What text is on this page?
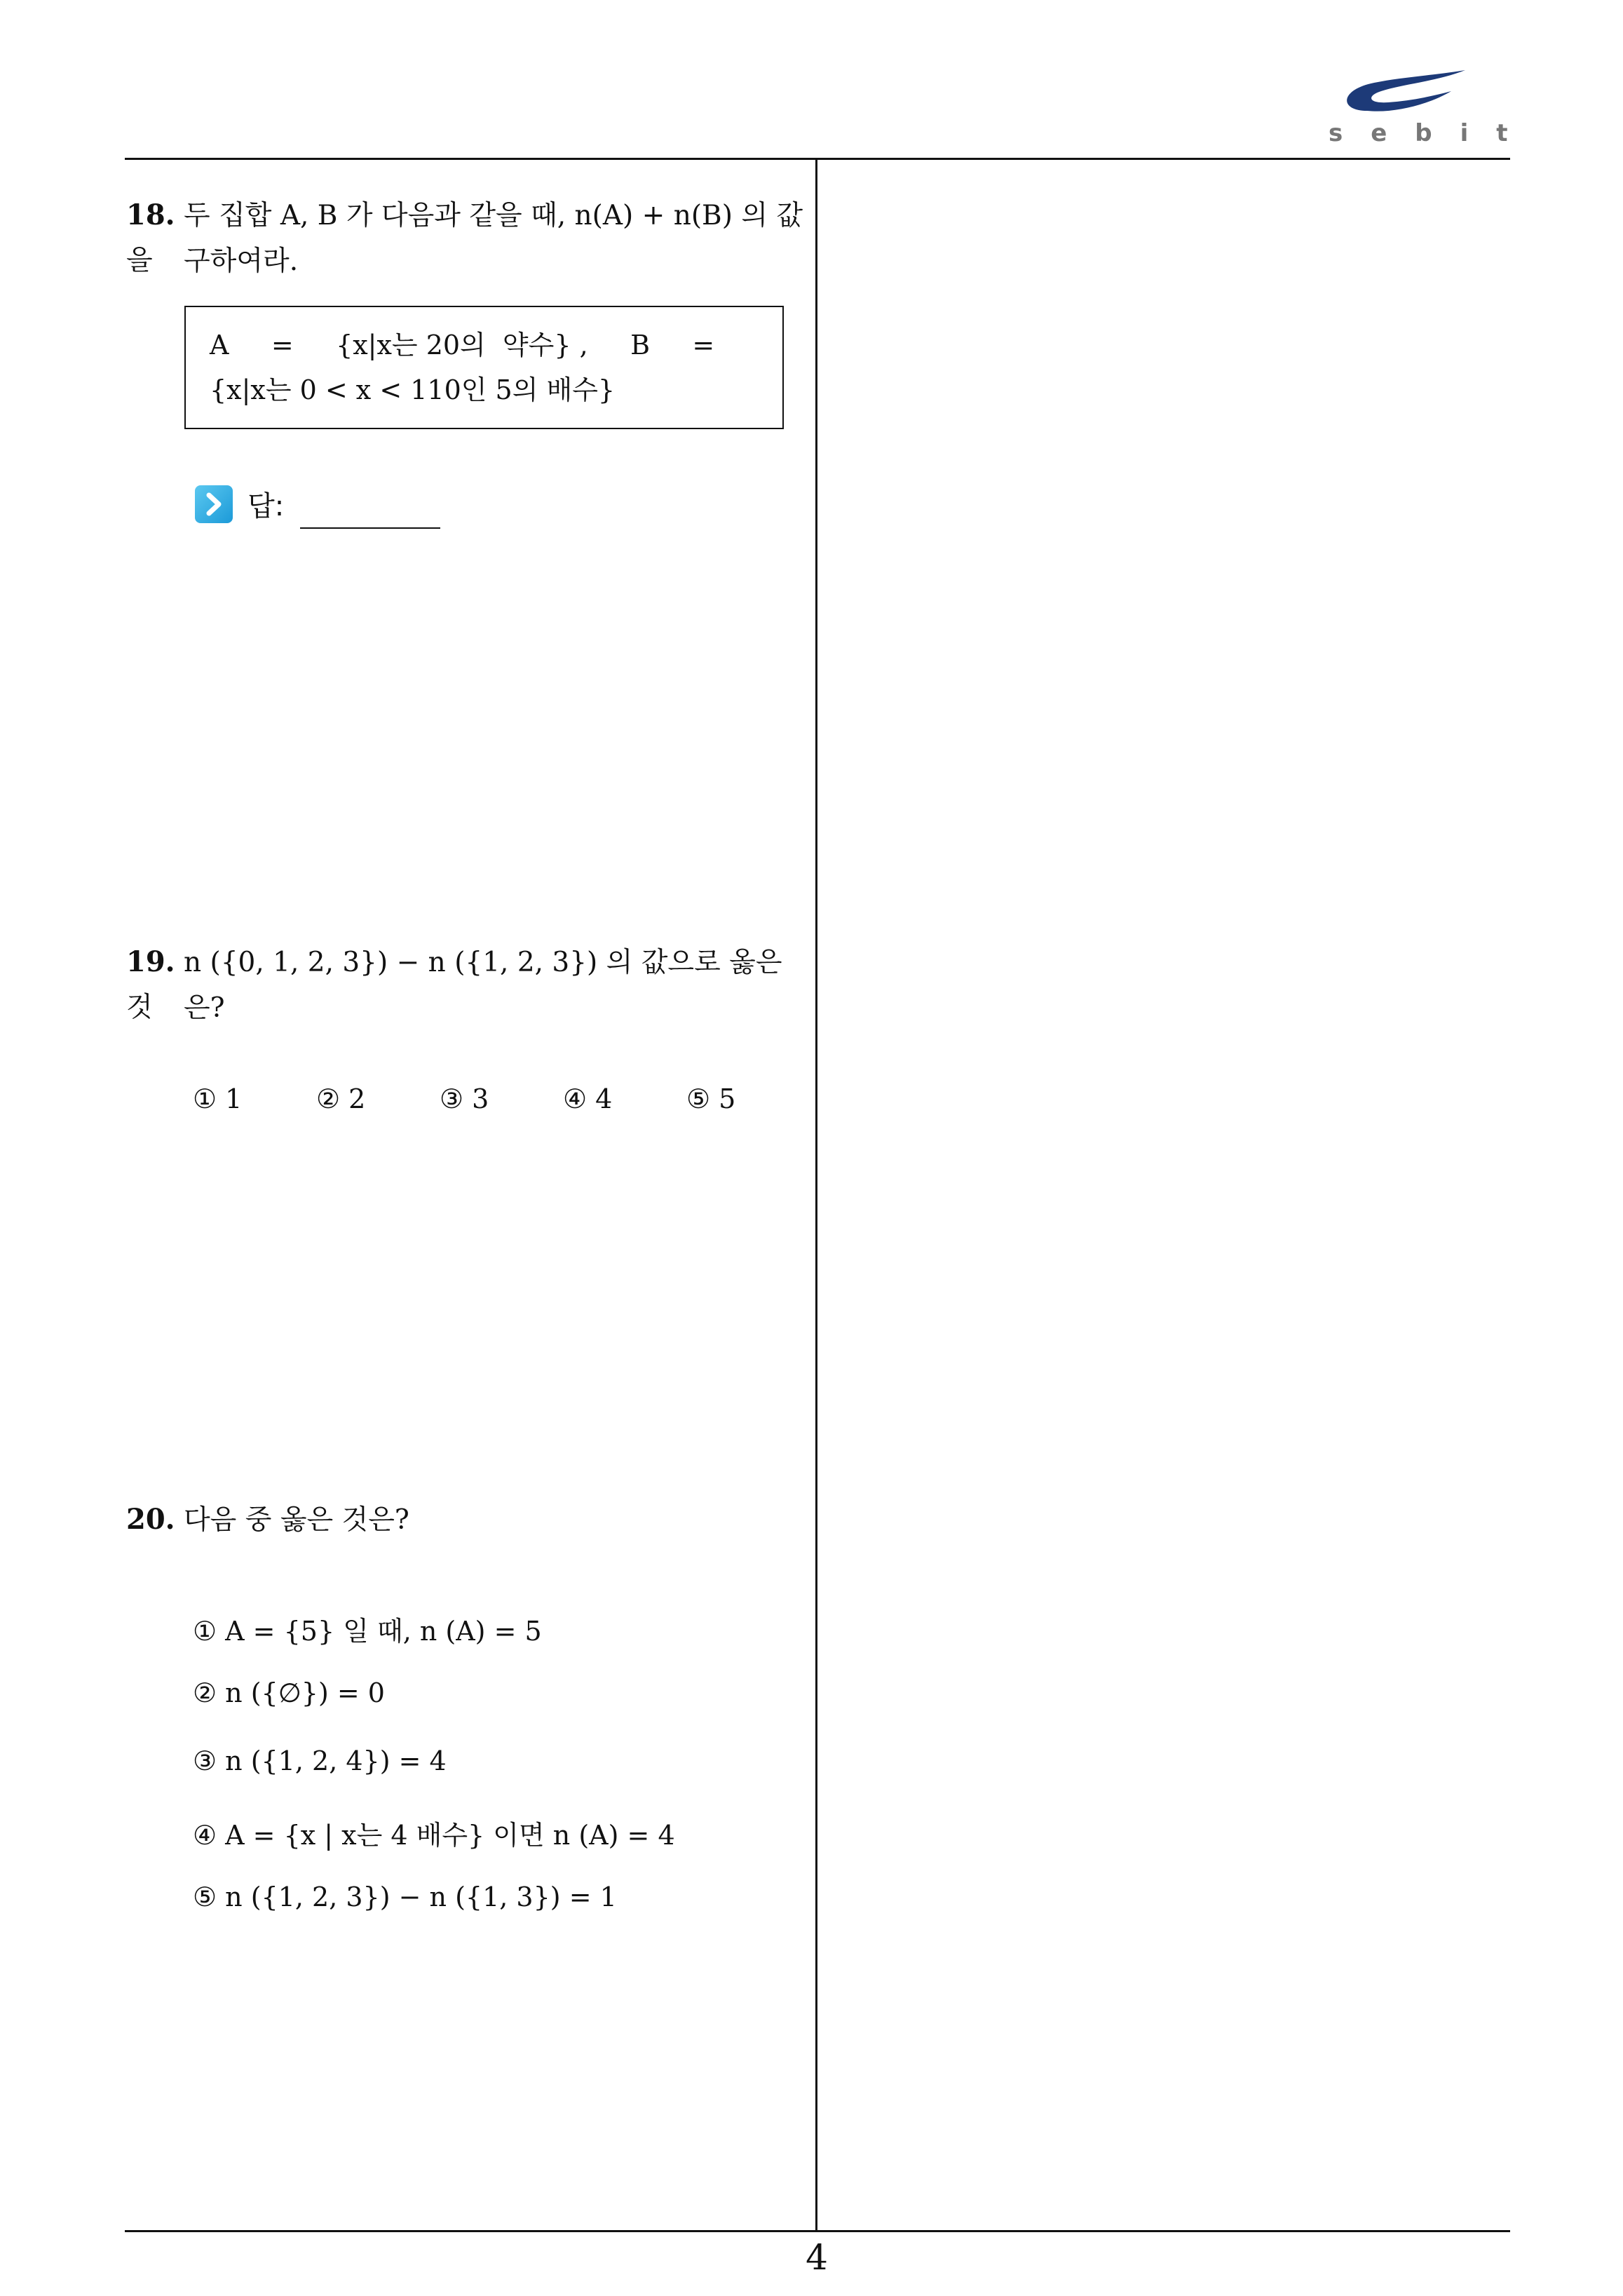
sebit
18. 두 집합 A, B 가 다음과 같을 때, n(A) + n(B) 의 값을	구하여라.
A     =     {x|x는 20의  약수} ,     B     =
{x|x는 0 < x < 110인 5의 배수}
답:
19. n ({0, 1, 2, 3}) − n ({1, 2, 3}) 의 값으로 옳은 것	은?
① 1	② 2	③ 3	④ 4	⑤ 5
20. 다음 중 옳은 것은?
① A = {5} 일 때, n (A) = 5
② n ({∅}) = 0
③ n ({1, 2, 4}) = 4
④ A = {x | x는 4 배수} 이면 n (A) = 4
⑤ n ({1, 2, 3}) − n ({1, 3}) = 1
4
